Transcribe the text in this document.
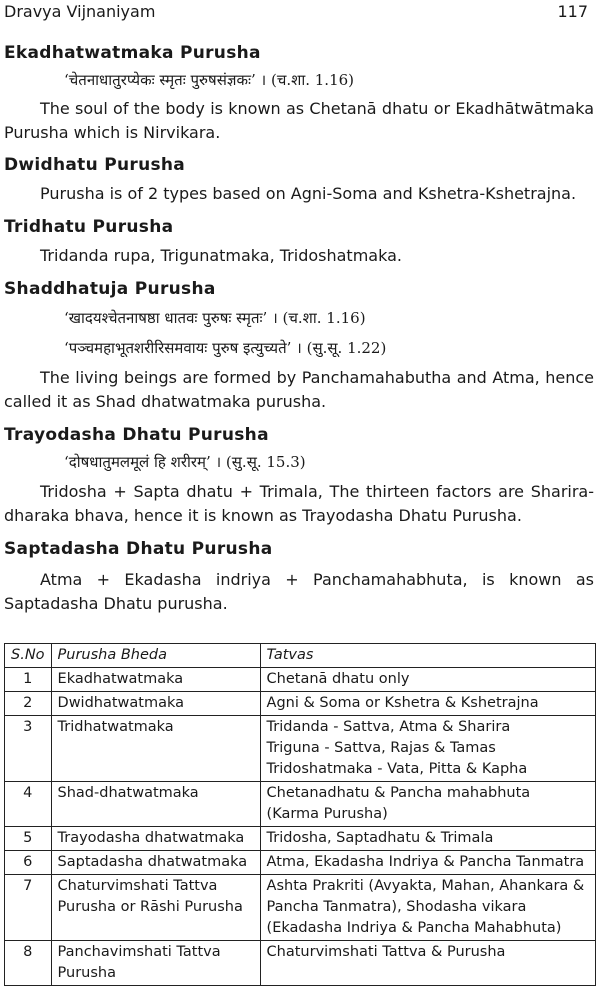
Dravya Vijnaniyam	117
Ekadhatwatmaka Purusha
‘चेतनाधातुरप्येकः स्मृतः पुरुषसंज्ञकः’ । (च.शा. 1.16)

The soul of the body is known as Chetanā dhatu or Ekadhātwātmaka Purusha which is Nirvikara.

Dwidhatu Purusha
Purusha is of 2 types based on Agni-Soma and Kshetra-Kshetrajna.
Tridhatu Purusha
Tridanda rupa, Trigunatmaka, Tridoshatmaka.
Shaddhatuja Purusha
‘खादयश्चेतनाषष्ठा धातवः पुरुषः स्मृतः’ । (च.शा. 1.16)
‘पञ्चमहाभूतशरीरिसमवायः पुरुष इत्युच्यते’ । (सु.सू. 1.22)

The living beings are formed by Panchamahabutha and Atma, hence called it as Shad dhatwatmaka purusha.

Trayodasha Dhatu Purusha
‘दोषधातुमलमूलं हि शरीरम्’ । (सु.सू. 15.3)

Tridosha + Sapta dhatu + Trimala, The thirteen factors are Sharira-dharaka bhava, hence it is known as Trayodasha Dhatu Purusha.

Saptadasha Dhatu Purusha

Atma + Ekadasha indriya + Panchamahabhuta, is known as Saptadasha Dhatu purusha.

S.No	Purusha Bheda	Tatvas
1	Ekadhatwatmaka	Chetanā dhatu only

2	Dwidhatwatmaka	Agni & Soma or Kshetra & Kshetrajna

3	Tridhatwatmaka	Tridanda - Sattva, Atma & Sharira
Triguna - Sattva, Rajas & Tamas
Tridoshatmaka - Vata, Pitta & Kapha

4	Shad-dhatwatmaka	Chetanadhatu & Pancha mahabhuta
(Karma Purusha)

5	Trayodasha dhatwatmaka	Tridosha, Saptadhatu & Trimala

6	Saptadasha dhatwatmaka	Atma, Ekadasha Indriya & Pancha Tanmatra

7	Chaturvimshati Tattva Purusha or Rāshi Purusha	Ashta Prakriti (Avyakta, Mahan, Ahankara & Pancha Tanmatra), Shodasha vikara (Ekadasha Indriya & Pancha Mahabhuta)

8	Panchavimshati Tattva Purusha	Chaturvimshati Tattva & Purusha
